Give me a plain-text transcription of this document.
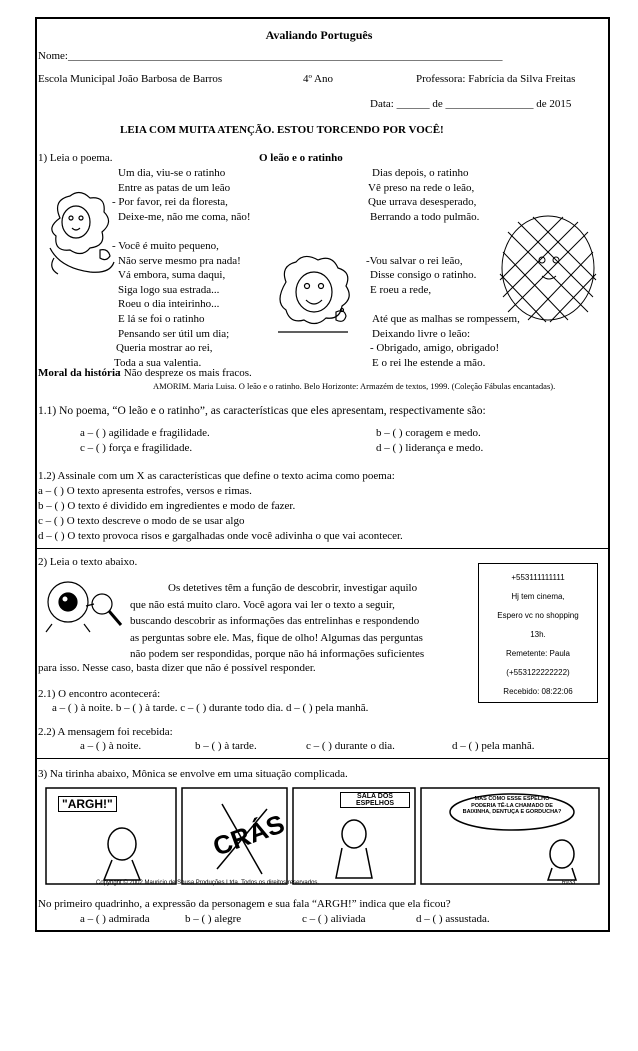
Avaliando Português
Nome:_______________________________________________________________________________
Escola Municipal João Barbosa de Barros	4º Ano	Professora: Fabrícia da Silva Freitas
Data: ______ de ________________ de 2015
LEIA COM MUITA ATENÇÃO. ESTOU TORCENDO POR VOCÊ!
1) Leia o poema.	O leão e o ratinho
Um dia, viu-se o ratinho
Entre as patas de um leão
- Por favor, rei da floresta,
Deixe-me, não me coma, não!

- Você é muito pequeno,
Não serve mesmo pra nada!
Vá embora, suma daqui,
Siga logo sua estrada...
Roeu o dia inteirinho...
E lá se foi o ratinho
Pensando ser útil um dia;
Queria mostrar ao rei,
Toda a sua valentia.
Dias depois, o ratinho
Vê preso na rede o leão,
Que urrava desesperado,
Berrando a todo pulmão.

-Vou salvar o rei leão,
Disse consigo o ratinho.
E roeu a rede,

Até que as malhas se rompessem,
Deixando livre o leão:
- Obrigado, amigo, obrigado!
E o rei lhe estende a mão.
Moral da história
: Não despreze os mais fracos.
AMORIM. Maria Luisa. O leão e o ratinho. Belo Horizonte: Armazém de textos, 1999. (Coleção Fábulas encantadas).
1.1) No poema, “O leão e o ratinho”, as características que eles apresentam, respectivamente são:
a – ( ) agilidade e fragilidade.	b – ( ) coragem e medo.
c – ( ) força e fragilidade.	d – ( ) liderança e medo.
1.2) Assinale com um X as características que define o texto acima como poema:
a – ( ) O texto apresenta estrofes, versos e rimas.
b – ( ) O texto é dividido em ingredientes e modo de fazer.
c – ( ) O texto descreve o modo de se usar algo
d – ( ) O texto provoca risos e gargalhadas onde você adivinha o que vai acontecer.
2) Leia o texto abaixo.
Os detetives têm a função de descobrir, investigar aquilo
que não está muito claro. Você agora vai ler o texto a seguir,
buscando descobrir as informações das entrelinhas e respondendo
as perguntas sobre ele. Mas, fique de olho! Algumas das perguntas
não podem ser respondidas, porque não há informações suficientes
para isso. Nesse caso, basta dizer que não é possível responder.
+553111111111
Hj tem cinema,
Espero vc no shopping
13h.
Remetente: Paula
(+553122222222)
Recebido: 08:22:06
2.1) O encontro acontecerá:
a – ( ) à noite. b – ( ) à tarde. c – ( ) durante todo dia. d – ( ) pela manhã.
2.2) A mensagem foi recebida:
a – ( ) à noite.	b – ( ) à tarde.	c – ( ) durante o dia.	d – ( ) pela manhã.
3) Na tirinha abaixo, Mônica se envolve em uma situação complicada.
"ARGH!"
SALA DOS ESPELHOS
CRÁS
MAS COMO ESSE ESPELHO PODERIA TÊ-LA CHAMADO DE BAIXINHA, DENTUÇA E GORDUCHA?
Copyright © 2002 Mauricio de Sousa Produções Ltda. Todos os direitos reservados.	6933
No primeiro quadrinho, a expressão da personagem e sua fala “ARGH!” indica que ela ficou?
a – ( ) admirada	b – ( ) alegre	c – ( ) aliviada	d – ( ) assustada.
